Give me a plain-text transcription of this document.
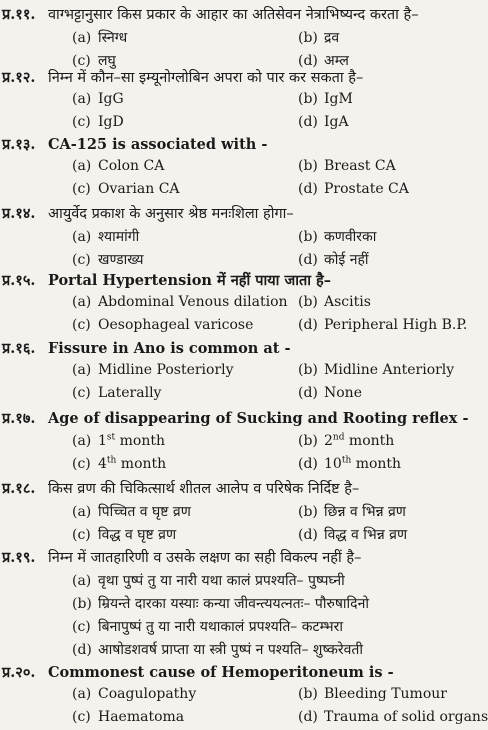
प्र.११. वाग्भट्टानुसार किस प्रकार के आहार का अतिसेवन नेत्राभिष्यन्द करता है–
(a) स्निग्ध	(b) द्रव
(c) लघु	(d) अम्ल
प्र.१२. निम्न में कौन–सा इम्यूनोग्लोबिन अपरा को पार कर सकता है–
(a) IgG	(b) IgM
(c) IgD	(d) IgA
प्र.१३. CA-125 is associated with -
(a) Colon CA	(b) Breast CA
(c) Ovarian CA	(d) Prostate CA
प्र.१४. आयुर्वेद प्रकाश के अनुसार श्रेष्ठ मनःशिला होगा–
(a) श्यामांगी	(b) कणवीरका
(c) खण्डाख्य	(d) कोई नहीं
प्र.१५. Portal Hypertension में नहीं पाया जाता है–
(a) Abdominal Venous dilation (b) Ascitis
(c) Oesophageal varicose	(d) Peripheral High B.P.
प्र.१६. Fissure in Ano is common at -
(a) Midline Posteriorly	(b) Midline Anteriorly
(c) Laterally	(d) None
प्र.१७. Age of disappearing of Sucking and Rooting reflex -
(a) 1st month	(b) 2nd month
(c) 4th month	(d) 10th month
प्र.१८. किस व्रण की चिकित्सार्थ शीतल आलेप व परिषेक निर्दिष्ट है–
(a) पिच्चित व घृष्ट व्रण	(b) छिन्न व भिन्न व्रण
(c) विद्ध व घृष्ट व्रण	(d) विद्ध व भिन्न व्रण
प्र.१९. निम्न में जातहारिणी व उसके लक्षण का सही विकल्प नहीं है–
(a) वृथा पुष्पं तु या नारी यथा कालं प्रपश्यति– पुष्पघ्नी
(b) म्रियन्ते दारका यस्याः कन्या जीवन्त्ययत्नतः– पौरुषादिनो
(c) बिनापुष्पं तु या नारी यथाकालं प्रपश्यति– कटम्भरा
(d) आषोडशवर्ष प्राप्ता या स्त्री पुष्पं न पश्यति– शुष्करेवती
प्र.२०. Commonest cause of Hemoperitoneum is -
(a) Coagulopathy	(b) Bleeding Tumour
(c) Haematoma	(d) Trauma of solid organs
